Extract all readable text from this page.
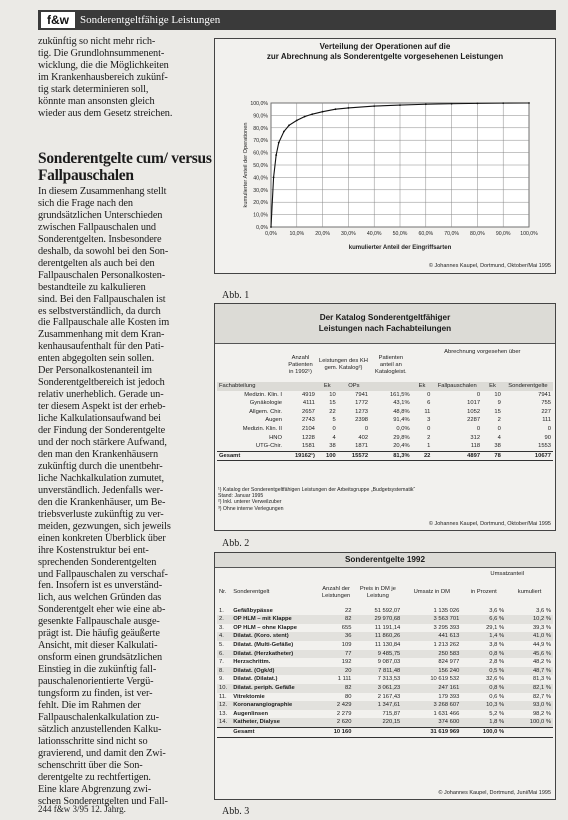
f&w	Sonderentgeltfähige Leistungen
zukünftig so nicht mehr rich-
tig. Die Grundlohnsummenent-
wicklung, die die Möglichkeiten
im Krankenhausbereich zukünf-
tig stark determinieren soll,
könnte man ansonsten gleich
wieder aus dem Gesetz streichen.
Sonderentgelte cum/ versus Fallpauschalen
In diesem Zusammenhang stellt
sich die Frage nach den
grundsätzlichen Unterschieden
zwischen Fallpauschalen und
Sonderentgelten. Insbesondere
deshalb, da sowohl bei den Son-
derentgelten als auch bei den
Fallpauschalen Personalkosten-
bestandteile zu kalkulieren
sind. Bei den Fallpauschalen ist
es selbstverständlich, da durch
die Fallpauschale alle Kosten im
Zusammenhang mit dem Kran-
kenhausaufenthalt für den Pati-
enten abgegolten sein sollen.
Der Personalkostenanteil im
Sonderentgeltbereich ist jedoch
relativ unerheblich. Gerade un-
ter diesem Aspekt ist der erheb-
liche Kalkulationsaufwand bei
der Findung der Sonderentgelte
und der noch stärkere Aufwand,
den man den Krankenhäusern
zukünftig durch die unentbehr-
liche Nachkalkulation zumutet,
unverständlich. Jedenfalls wer-
den die Krankenhäuser, um Be-
triebsverluste zukünftig zu ver-
meiden, gezwungen, sich jeweils
einen konkreten Überblick über
ihre Kostenstruktur bei ent-
sprechenden Sonderentgelten
und Fallpauschalen zu verschaf-
fen. Insofern ist es unverständ-
lich, aus welchen Gründen das
Sonderentgelt eher wie eine ab-
gesenkte Fallpauschale ausge-
prägt ist. Die häufig geäußerte
Ansicht, mit dieser Kalkulati-
onsform einen grundsätzlichen
Einstieg in die zukünftig fall-
pauschalenorientierte Vergü-
tungsform zu finden, ist ver-
fehlt. Die im Rahmen der
Fallpauschalenkalkulation zu-
sätzlich anzustellenden Kalku-
lationsschritte sind nicht so
gravierend, und damit den Zwi-
schenschritt über die Son-
derentgelte zu rechtfertigen.
Eine klare Abgrenzung zwi-
schen Sonderentgelten und Fall-
244 f&w 3/95 12. Jahrg.
Verteilung der Operationen auf die
zur Abrechnung als Sonderentgelte vorgesehenen Leistungen
0,0%
10,0%
20,0%
30,0%
40,0%
50,0%
60,0%
70,0%
80,0%
90,0%
100,0%
0,0% 10,0% 20,0% 30,0% 40,0% 50,0% 60,0% 70,0% 80,0% 90,0% 100,0%
kumulierter Anteil der Operationen
kumulierter Anteil der Eingriffsarten
© Johannes Kaupel, Dortmund, Oktober/Mai 1995
Abb. 1
Der Katalog Sonderentgeltfähiger
Leistungen nach Fachabteilungen
	Anzahl Patienten in 1992¹)	Leistungen des KH gem. Katalog²)		Patienten anteil an Katalogleist.	Abrechnung vorgesehen über			
Fachabteilung		Ek	OPs		Ek	Fallpauschalen	Ek	Sonderentgelte
Medizin. Klin. I	4919	10	7941	161,5%	0	0	10	7941
Gynäkologie	4111	15	1772	43,1%	6	1017	9	755
Allgem. Chir.	2657	22	1273	48,8%	11	1052	15	227
Augen	2743	5	2398	91,4%	3	2287	2	111
Medizin. Klin. II	2104	0	0	0,0%	0	0	0	0
HNO	1228	4	402	29,8%	2	312	4	90
UTG-Chir.	1581	38	1871	20,4%	1	118	38	1553
Gesamt	19162¹)	100	15572	81,3%	22	4897	78	10677
¹) Katalog der Sonderentgeltfähigen Leistungen der Arbeitsgruppe „Budgetsystematik“
Stand: Januar 1995
²) Inkl. unterer Verweilzuber
³) Ohne interne Verlegungen
© Johannes Kaupel, Dortmund, Oktober/Mai 1995
Abb. 2
Sonderentgelte 1992
					Umsatzanteil	
Nr.	Sonderentgelt	Anzahl der Leistungen	Preis in DM je Leistung	Umsatz in DM	in Prozent	kumuliert
1.	Gefäßbypässe	22	51 592,07	1 135 026	3,6 %	3,6 %
2.	OP HLM – mit Klappe	82	29 970,68	3 563 701	6,6 %	10,2 %
3.	OP HLM – ohne Klappe	655	11 191,14	3 295 393	29,1 %	39,3 %
4.	Dilatat. (Koro. stent)	36	11 860,26	441 613	1,4 %	41,0 %
5.	Dilatat. (Multi-Gefäße)	109	11 130,84	1 213 262	3,8 %	44,9 %
6.	Dilatat. (Herzkatheter)	77	9 485,75	250 583	0,8 %	45,6 %
7.	Herzschrittm.	192	9 087,03	824 977	2,8 %	48,2 %
8.	Dilatat. (Ogk/d)	20	7 811,48	156 240	0,5 %	48,7 %
9.	Dilatat. (Dilatat.)	1 111	7 313,53	10 619 532	32,6 %	81,3 %
10.	Dilatat. periph. Gefäße	82	3 061,23	247 161	0,8 %	82,1 %
11.	Vitrektomie	80	2 167,43	179 393	0,6 %	82,7 %
12.	Koronarangiographie	2 429	1 347,61	3 268 607	10,3 %	93,0 %
13.	Augenlinsen	2 279	715,87	1 631 466	5,2 %	98,2 %
14.	Katheter, Dialyse	2 620	220,15	374 600	1,8 %	100,0 %
	Gesamt	10 160		31 619 969	100,0 %	
© Johannes Kaupel, Dortmund, Juni/Mai 1995
Abb. 3
